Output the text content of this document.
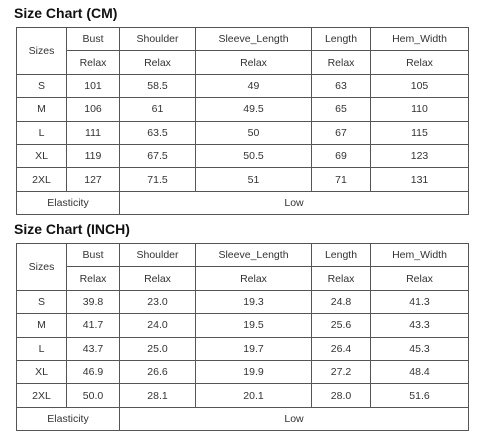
Size Chart (CM)
Sizes	Bust	Shoulder	Sleeve_Length	Length	Hem_Width
	Relax	Relax	Relax	Relax	Relax
S	101	58.5	49	63	105
M	106	61	49.5	65	110
L	111	63.5	50	67	115
XL	119	67.5	50.5	69	123
2XL	127	71.5	51	71	131
Elasticity		Low			
Size Chart (INCH)
Sizes	Bust	Shoulder	Sleeve_Length	Length	Hem_Width
	Relax	Relax	Relax	Relax	Relax
S	39.8	23.0	19.3	24.8	41.3
M	41.7	24.0	19.5	25.6	43.3
L	43.7	25.0	19.7	26.4	45.3
XL	46.9	26.6	19.9	27.2	48.4
2XL	50.0	28.1	20.1	28.0	51.6
Elasticity		Low			
